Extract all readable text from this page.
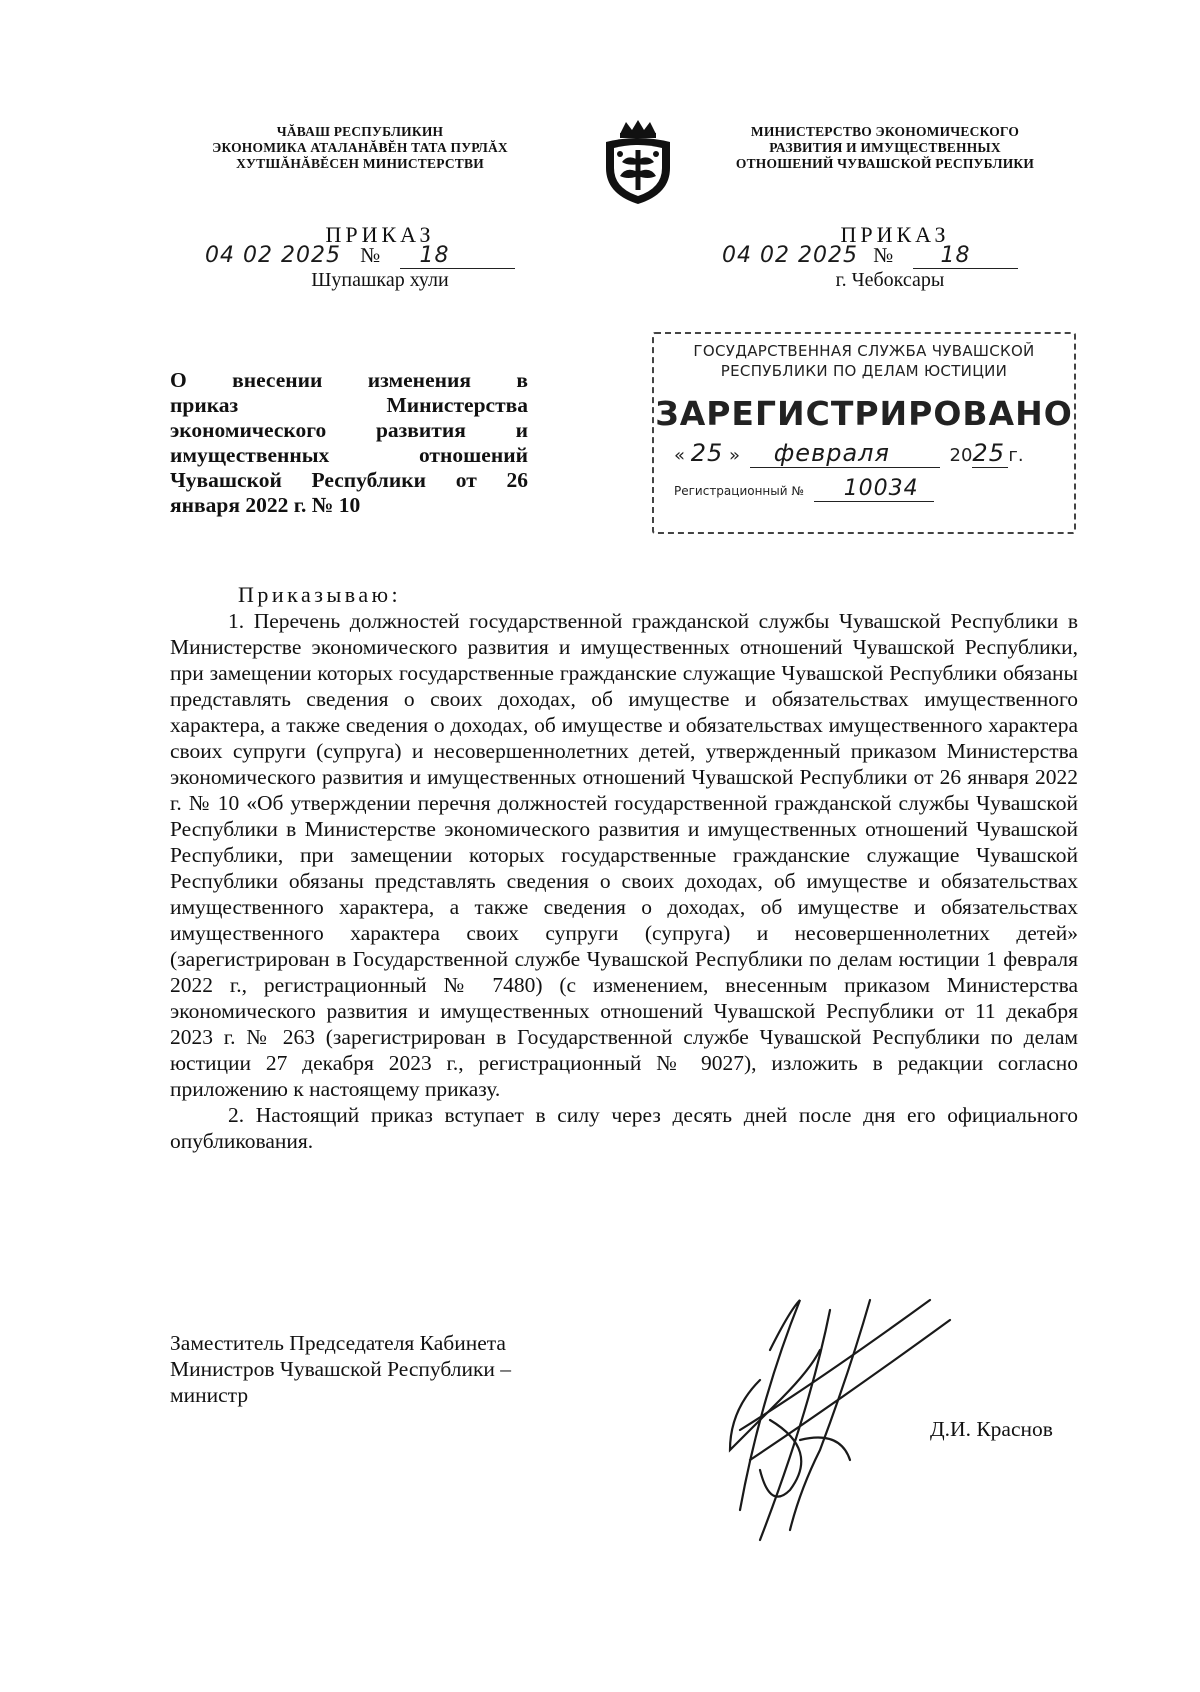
ЧĂВАШ РЕСПУБЛИКИН
ЭКОНОМИКА АТАЛАНĂВĔН ТАТА ПУРЛĂХ
ХУТШĂНĂВĔСЕН МИНИСТЕРСТВИ
МИНИСТЕРСТВО ЭКОНОМИЧЕСКОГО
РАЗВИТИЯ И ИМУЩЕСТВЕННЫХ
ОТНОШЕНИЙ ЧУВАШСКОЙ РЕСПУБЛИКИ
ПРИКАЗ
04 02 2025 № 18
Шупашкар хули
ПРИКАЗ
04 02 2025 № 18
г. Чебоксары
ГОСУДАРСТВЕННАЯ СЛУЖБА ЧУВАШСКОЙ
РЕСПУБЛИКИ ПО ДЕЛАМ ЮСТИЦИИ
ЗАРЕГИСТРИРОВАНО
« 25 » февраля	2025 г.
Регистрационный № 10034
О внесении изменения в
приказ Министерства
экономического развития и
имущественных отношений
Чувашской Республики от 26
января 2022 г. № 10
Приказываю:

1. Перечень должностей государственной гражданской службы Чувашской Республики в Министерстве экономического развития и имущественных отношений Чувашской Республики, при замещении которых государственные гражданские служащие Чувашской Республики обязаны представлять сведения о своих доходах, об имуществе и обязательствах имущественного характера, а также сведения о доходах, об имуществе и обязательствах имущественного характера своих супруги (супруга) и несовершеннолетних детей, утвержденный приказом Министерства экономического развития и имущественных отношений Чувашской Республики от 26 января 2022 г. № 10 «Об утверждении перечня должностей государственной гражданской службы Чувашской Республики в Министерстве экономического развития и имущественных отношений Чувашской Республики, при замещении которых государственные гражданские служащие Чувашской Республики обязаны представлять сведения о своих доходах, об имуществе и обязательствах имущественного характера, а также сведения о доходах, об имуществе и обязательствах имущественного характера своих супруги (супруга) и несовершеннолетних детей» (зарегистрирован в Государственной службе Чувашской Республики по делам юстиции 1 февраля 2022 г., регистрационный № 7480) (с изменением, внесенным приказом Министерства экономического развития и имущественных отношений Чувашской Республики от 11 декабря 2023 г. № 263 (зарегистрирован в Государственной службе Чувашской Республики по делам юстиции 27 декабря 2023 г., регистрационный № 9027), изложить в редакции согласно приложению к настоящему приказу.

2. Настоящий приказ вступает в силу через десять дней после дня его официального опубликования.

Заместитель Председателя Кабинета
Министров Чувашской Республики –
министр
Д.И. Краснов
